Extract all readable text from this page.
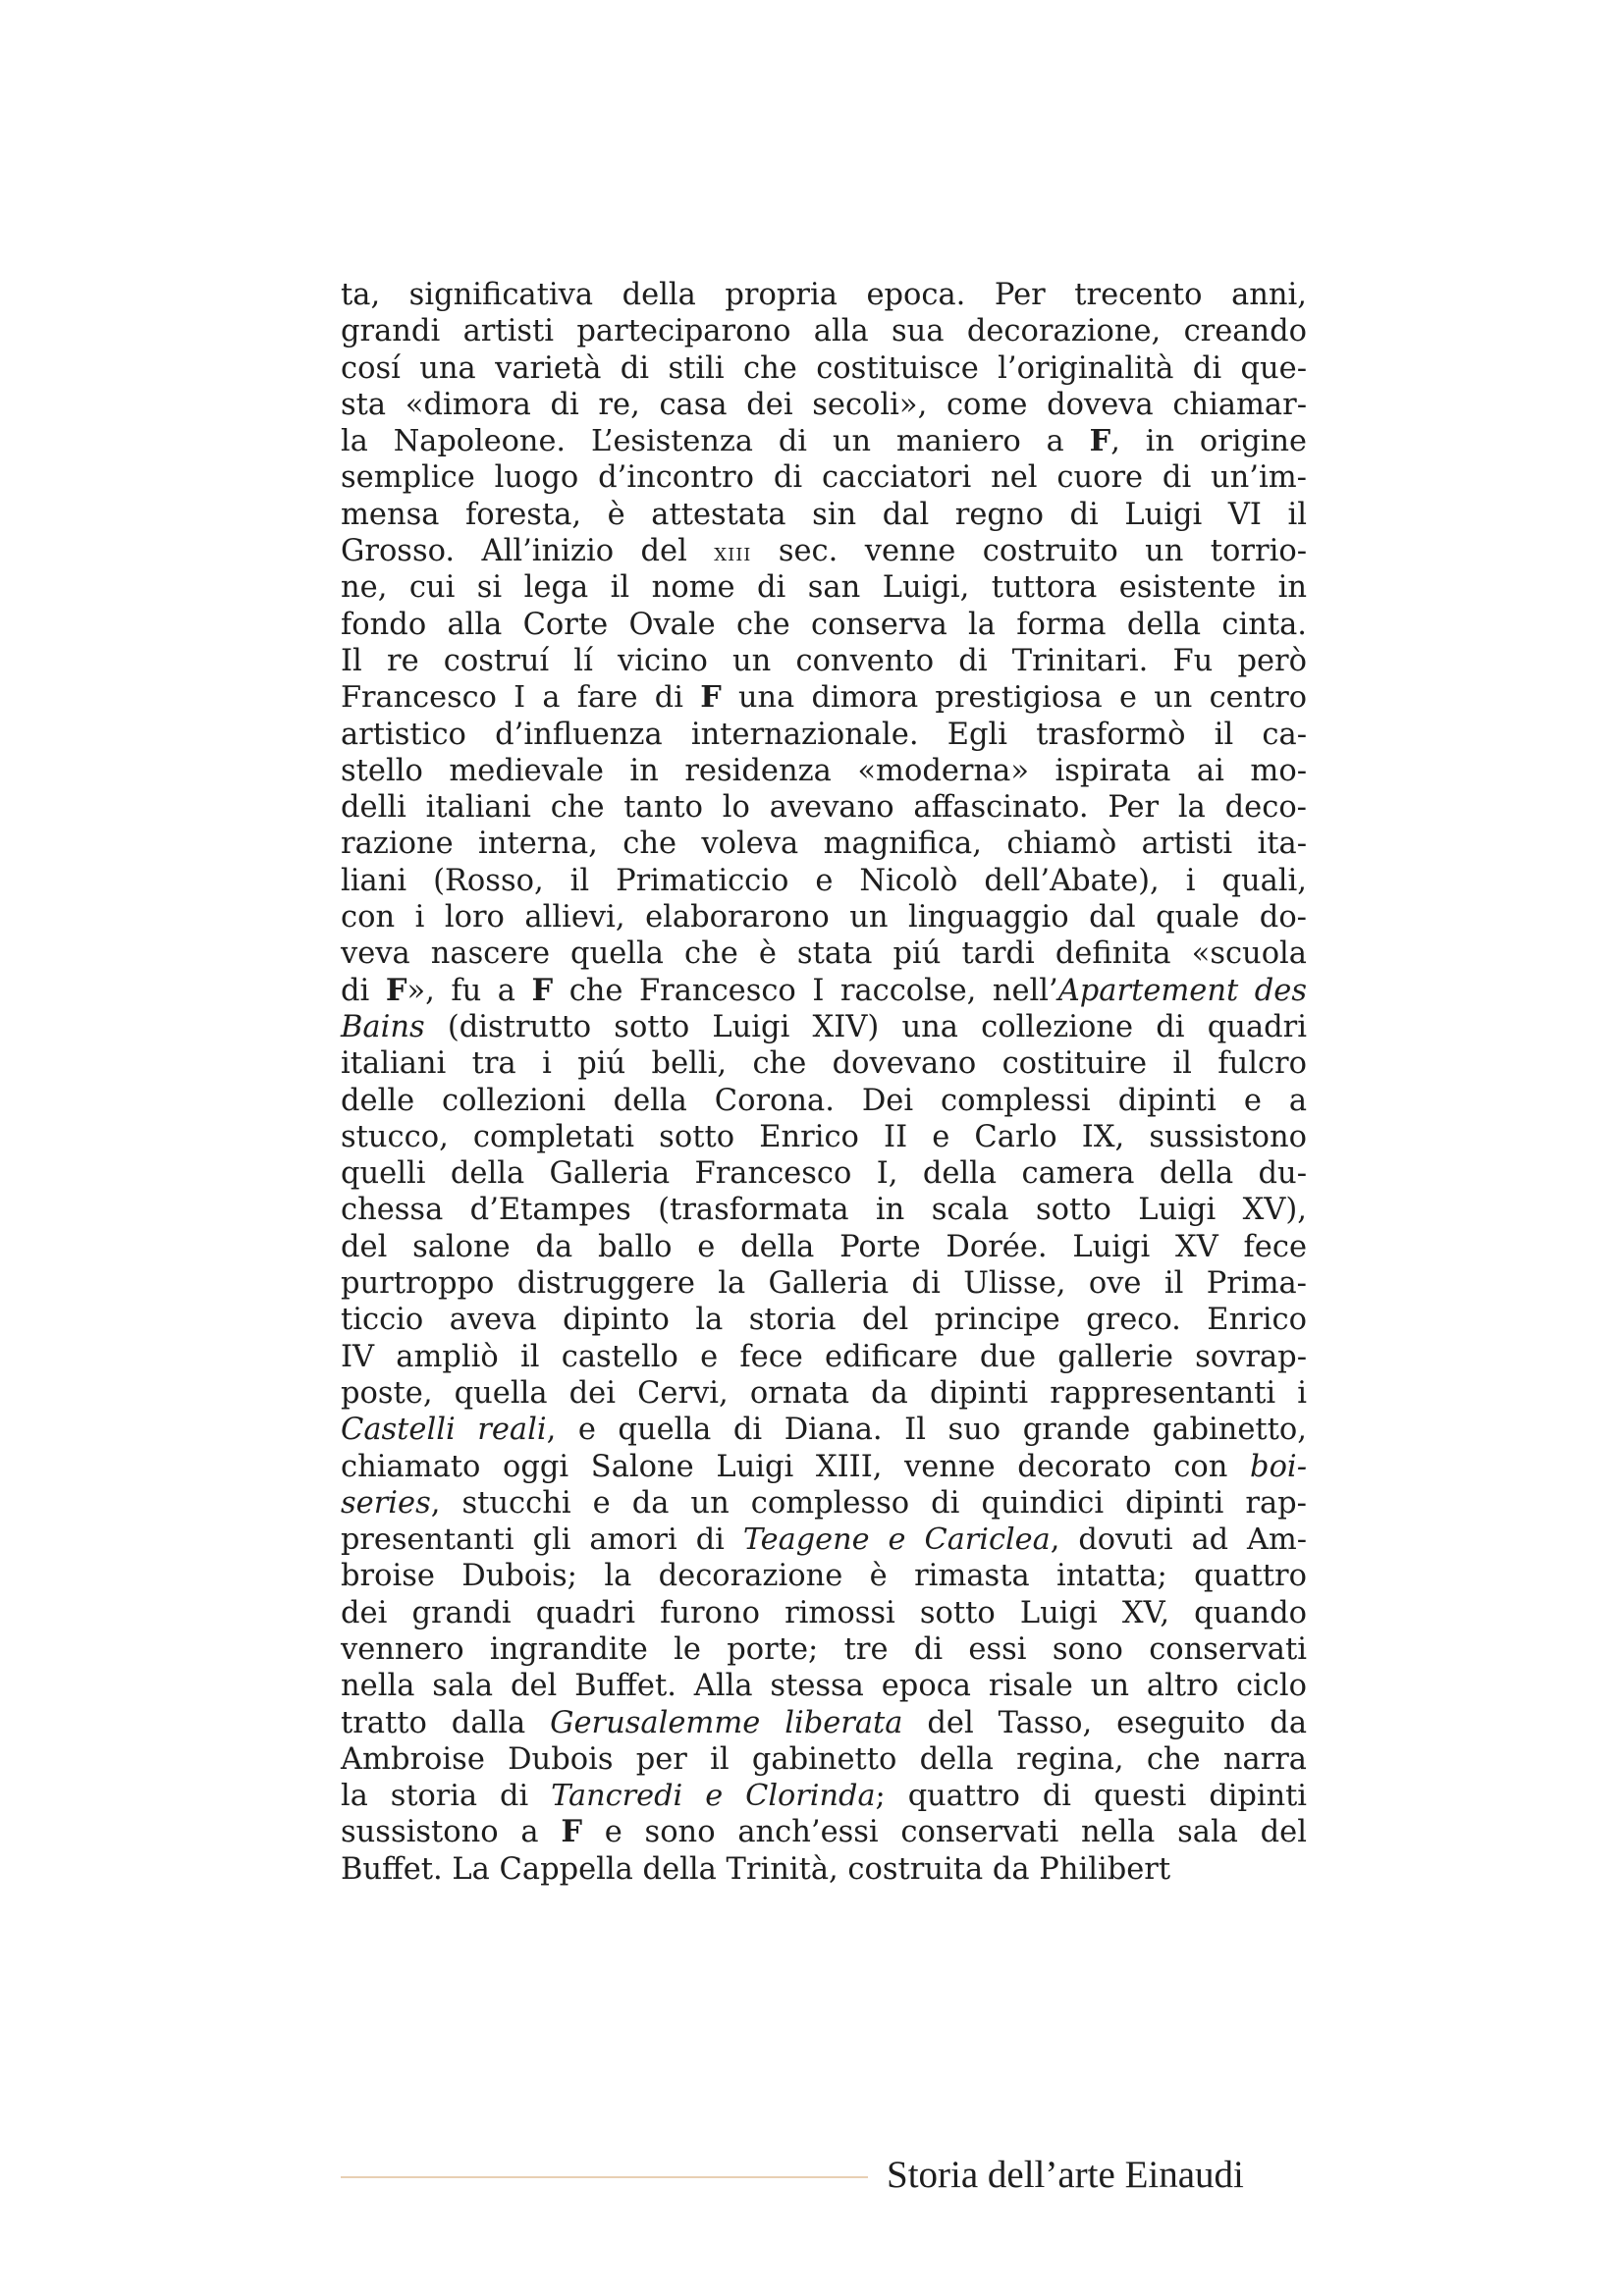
ta, significativa della propria epoca. Per trecento anni,
grandi artisti parteciparono alla sua decorazione, creando
cosí una varietà di stili che costituisce l’originalità di que-
sta «dimora di re, casa dei secoli», come doveva chiamar-
la Napoleone. L’esistenza di un maniero a F, in origine
semplice luogo d’incontro di cacciatori nel cuore di un’im-
mensa foresta, è attestata sin dal regno di Luigi VI il
Grosso. All’inizio del xiii sec. venne costruito un torrio-
ne, cui si lega il nome di san Luigi, tuttora esistente in
fondo alla Corte Ovale che conserva la forma della cinta.
Il re costruí lí vicino un convento di Trinitari. Fu però
Francesco I a fare di F una dimora prestigiosa e un centro
artistico d’influenza internazionale. Egli trasformò il ca-
stello medievale in residenza «moderna» ispirata ai mo-
delli italiani che tanto lo avevano affascinato. Per la deco-
razione interna, che voleva magnifica, chiamò artisti ita-
liani (Rosso, il Primaticcio e Nicolò dell’Abate), i quali,
con i loro allievi, elaborarono un linguaggio dal quale do-
veva nascere quella che è stata piú tardi definita «scuola
di F», fu a F che Francesco I raccolse, nell’Apartement des
Bains (distrutto sotto Luigi XIV) una collezione di quadri
italiani tra i piú belli, che dovevano costituire il fulcro
delle collezioni della Corona. Dei complessi dipinti e a
stucco, completati sotto Enrico II e Carlo IX, sussistono
quelli della Galleria Francesco I, della camera della du-
chessa d’Etampes (trasformata in scala sotto Luigi XV),
del salone da ballo e della Porte Dorée. Luigi XV fece
purtroppo distruggere la Galleria di Ulisse, ove il Prima-
ticcio aveva dipinto la storia del principe greco. Enrico
IV ampliò il castello e fece edificare due gallerie sovrap-
poste, quella dei Cervi, ornata da dipinti rappresentanti i
Castelli reali, e quella di Diana. Il suo grande gabinetto,
chiamato oggi Salone Luigi XIII, venne decorato con boi-
series, stucchi e da un complesso di quindici dipinti rap-
presentanti gli amori di Teagene e Cariclea, dovuti ad Am-
broise Dubois; la decorazione è rimasta intatta; quattro
dei grandi quadri furono rimossi sotto Luigi XV, quando
vennero ingrandite le porte; tre di essi sono conservati
nella sala del Buffet. Alla stessa epoca risale un altro ciclo
tratto dalla Gerusalemme liberata del Tasso, eseguito da
Ambroise Dubois per il gabinetto della regina, che narra
la storia di Tancredi e Clorinda; quattro di questi dipinti
sussistono a F e sono anch’essi conservati nella sala del
Buffet. La Cappella della Trinità, costruita da Philibert
Storia dell’arte Einaudi
